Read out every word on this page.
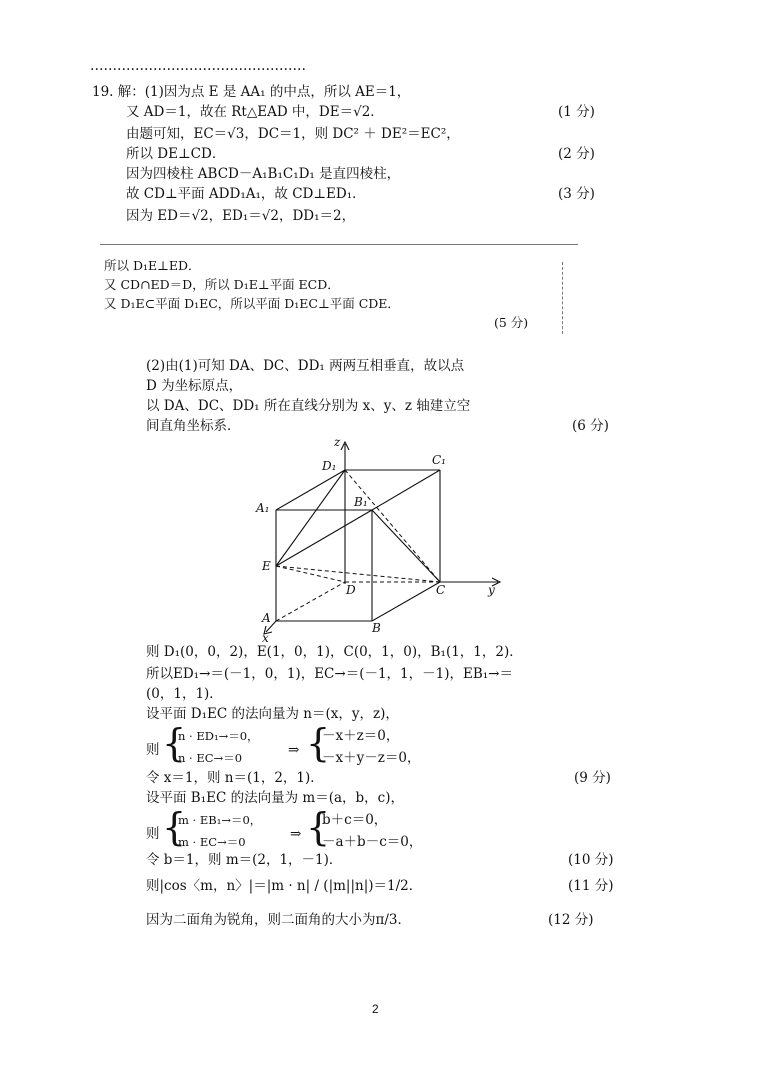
…………………………………………
19. 解：(1)因为点 E 是 AA₁ 的中点，所以 AE＝1，
又 AD＝1，故在 Rt△EAD 中，DE＝√2．	(1 分)
由题可知，EC＝√3，DC＝1，则 DC² ＋ DE²＝EC²，
所以 DE⊥CD．	(2 分)
因为四棱柱 ABCD－A₁B₁C₁D₁ 是直四棱柱，
故 CD⊥平面 ADD₁A₁，故 CD⊥ED₁．	(3 分)
因为 ED＝√2，ED₁＝√2，DD₁＝2，
所以 D₁E⊥ED．
又 CD∩ED＝D，所以 D₁E⊥平面 ECD．
又 D₁E⊂平面 D₁EC，所以平面 D₁EC⊥平面 CDE．
(5 分)
(2)由(1)可知 DA、DC、DD₁ 两两互相垂直，故以点
D 为坐标原点，
以 DA、DC、DD₁ 所在直线分别为 x、y、z 轴建立空
间直角坐标系．	(6 分)
z
D₁	C₁
A₁	B₁
E
D	C	y
A
B
x
则 D₁(0，0，2)，E(1，0，1)，C(0，1，0)，B₁(1，1，2)．
所以ED₁→＝(－1，0，1)，EC→＝(－1，1，－1)，EB₁→＝
(0，1，1)．
设平面 D₁EC 的法向量为 n＝(x，y，z)，
则 {
n · ED₁→＝0，
n · EC→＝0	⇒ {
－x＋z＝0，
－x＋y－z＝0，
令 x＝1，则 n＝(1，2，1)．	(9 分)
设平面 B₁EC 的法向量为 m＝(a，b，c)，
则 {
m · EB₁→＝0，
m · EC→＝0	⇒ {
b＋c＝0，
－a＋b－c＝0，
令 b＝1，则 m＝(2，1，－1)．	(10 分)
则|cos〈m，n〉|＝|m · n| / (|m||n|)＝1/2．	(11 分)
因为二面角为锐角，则二面角的大小为π/3．	(12 分)
2
